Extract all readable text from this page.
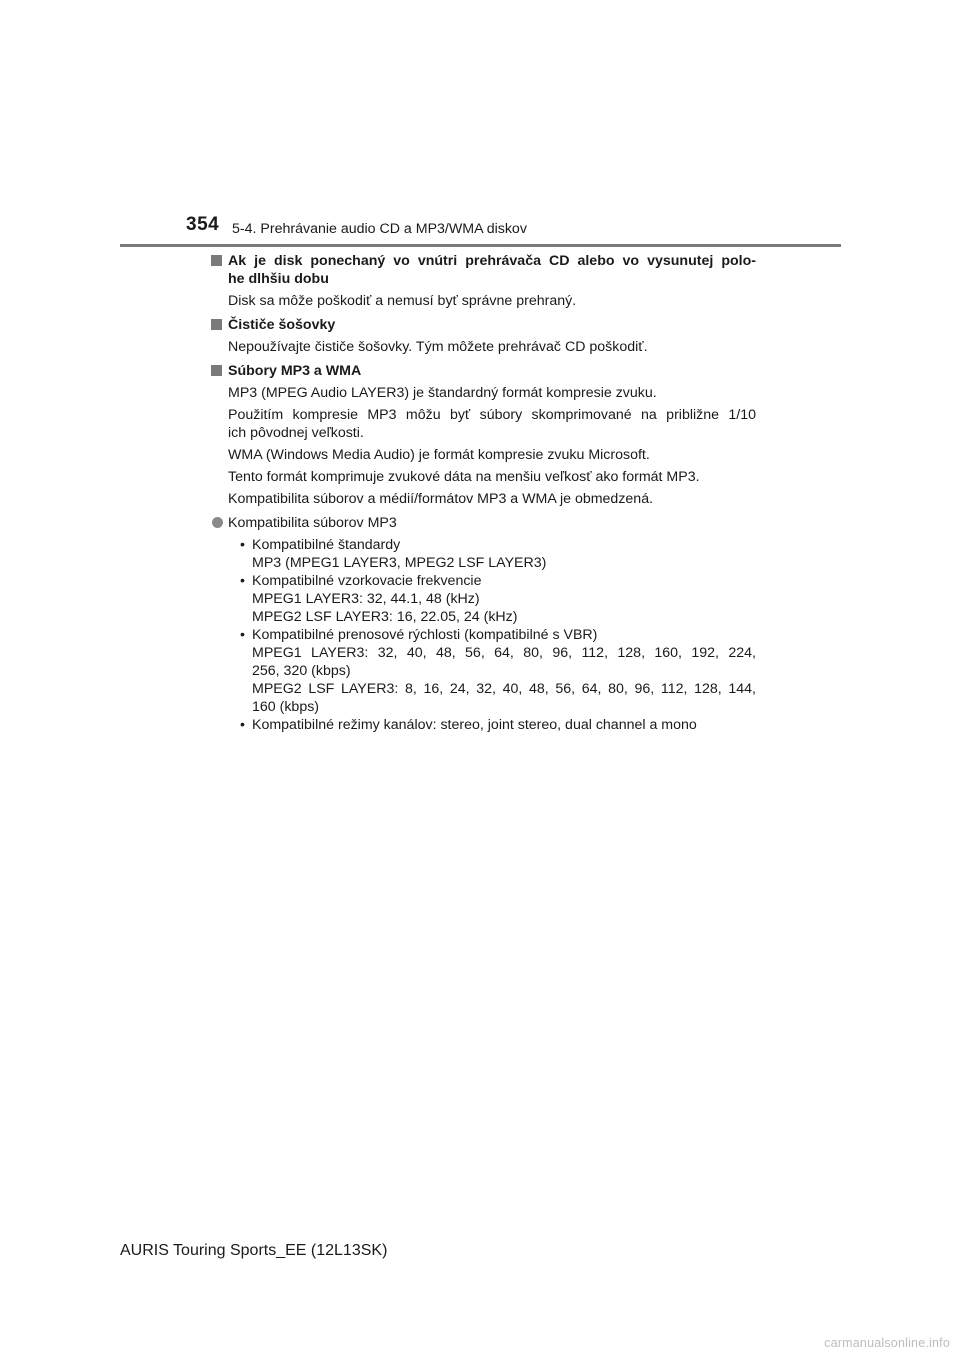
354 5-4. Prehrávanie audio CD a MP3/WMA diskov
Ak je disk ponechaný vo vnútri prehrávača CD alebo vo vysunutej polo-
he dlhšiu dobu
Disk sa môže poškodiť a nemusí byť správne prehraný.
Čističe šošovky
Nepoužívajte čističe šošovky. Tým môžete prehrávač CD poškodiť.
Súbory MP3 a WMA
MP3 (MPEG Audio LAYER3) je štandardný formát kompresie zvuku.
Použitím kompresie MP3 môžu byť súbory skomprimované na približne 1/10
ich pôvodnej veľkosti.
WMA (Windows Media Audio) je formát kompresie zvuku Microsoft.
Tento formát komprimuje zvukové dáta na menšiu veľkosť ako formát MP3.
Kompatibilita súborov a médií/formátov MP3 a WMA je obmedzená.
Kompatibilita súborov MP3
• Kompatibilné štandardy
MP3 (MPEG1 LAYER3, MPEG2 LSF LAYER3)
• Kompatibilné vzorkovacie frekvencie
MPEG1 LAYER3: 32, 44.1, 48 (kHz)
MPEG2 LSF LAYER3: 16, 22.05, 24 (kHz)
• Kompatibilné prenosové rýchlosti (kompatibilné s VBR)
MPEG1 LAYER3: 32, 40, 48, 56, 64, 80, 96, 112, 128, 160, 192, 224,
256, 320 (kbps)
MPEG2 LSF LAYER3: 8, 16, 24, 32, 40, 48, 56, 64, 80, 96, 112, 128, 144,
160 (kbps)
• Kompatibilné režimy kanálov: stereo, joint stereo, dual channel a mono
AURIS Touring Sports_EE (12L13SK)
carmanualsonline.info
